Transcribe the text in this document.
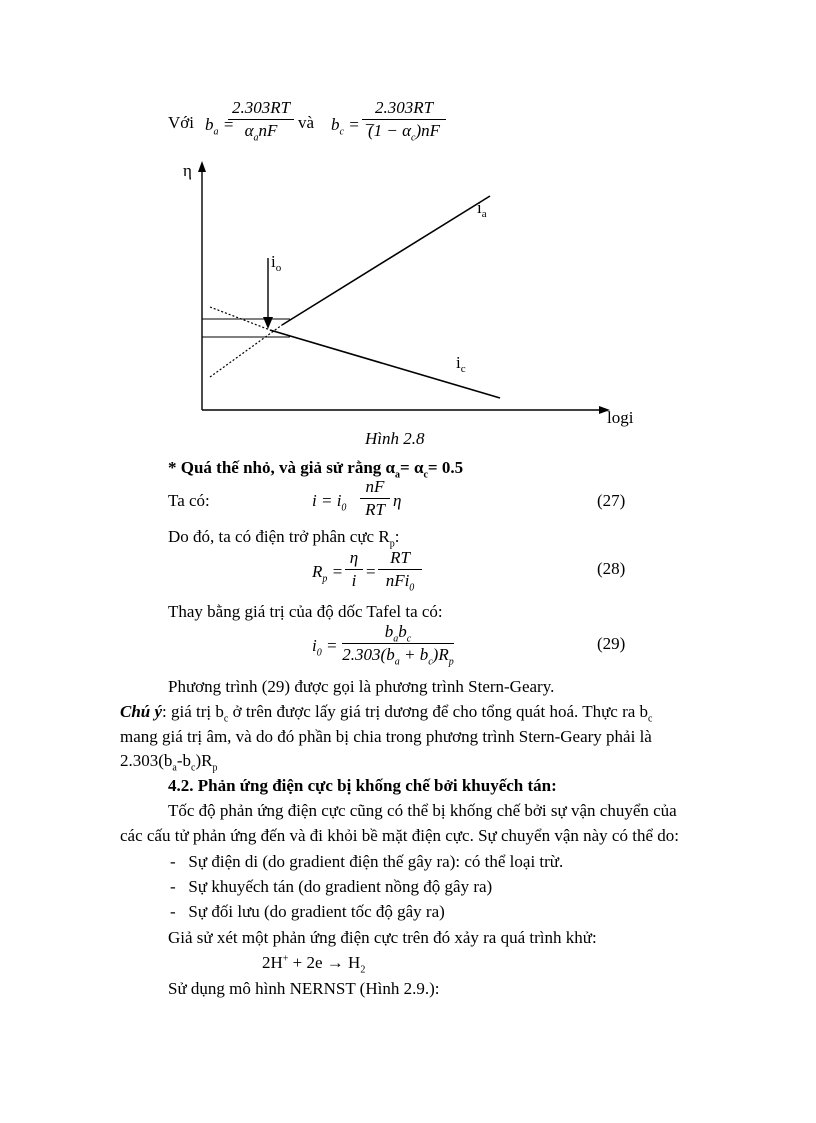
Với $b_a$ =
2.303RT
$\alpha_anF$	và $b_c$ = −
$\frac{2.303RT}{(1 - \alpha_c)nF}$
η
logi
$i_a$
$i_o$
$i_c$
Hình 2.8
* Quá thế nhỏ, và giả sử rằng $\alpha_a= \alpha_c= 0.5$
Ta có:	$i = i_0 \frac{nF}{RT}$ η	(27)
Do đó, ta có điện trở phân cực $R_p$:
$R_p = \frac{\eta}{i}$ =
RT
nFi$_0$
(28)
Thay bằng giá trị của độ dốc Tafel ta có:
$i_0$ =
$b_ab_c$
$2.303(b_a + b_c)R_p$
(29)
Phương trình (29) được gọi là phương trình Stern-Geary.
Chú ý: giá trị $b_c$ ở trên được lấy giá trị dương để cho tổng quát hoá. Thực ra $b_c$
mang giá trị âm, và do đó phần bị chia trong phương trình Stern-Geary phải là
$2.303(b_a-b_c)R_p$
4.2. Phản ứng điện cực bị khống chế bởi khuyếch tán:
Tốc độ phản ứng điện cực cũng có thể bị khống chế bởi sự vận chuyển của
các cấu tử phản ứng đến và đi khỏi bề mặt điện cực. Sự chuyển vận này có thể do:
-   Sự điện di (do gradient điện thế gây ra): có thể loại trừ.
-   Sự khuyếch tán (do gradient nồng độ gây ra)
-   Sự đối lưu (do gradient tốc độ gây ra)
Giả sử xét một phản ứng điện cực trên đó xảy ra quá trình khử:
$2H^+ + 2e \to H_2$
Sử dụng mô hình NERNST (Hình 2.9.):
